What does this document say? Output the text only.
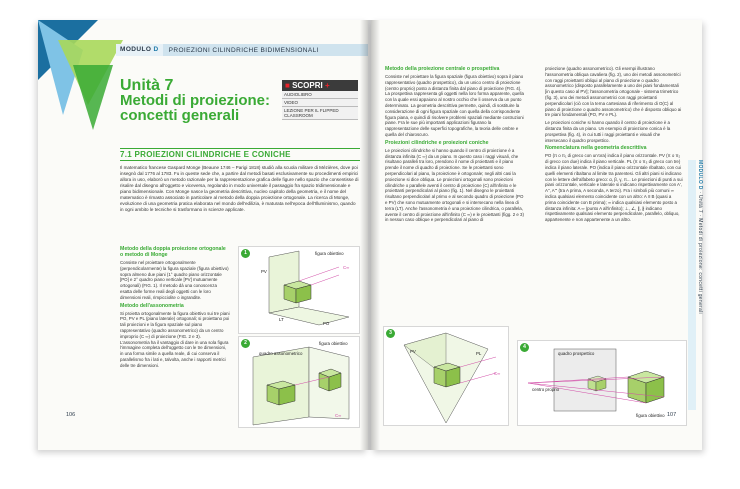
MODULO D	PROIEZIONI CILINDRICHE BIDIMENSIONALI
Unità 7
Metodi di proiezione:
concetti generali
■ SCOPRI +
AUDIOLIBRO
VIDEO
LEZIONE PER IL FLIPPED CLASSROOM
7.1 PROIEZIONI CILINDRICHE E CONICHE
Il matematico francese Gaspard Monge (Beaune 1746 – Parigi 1818) studiò alla scuola militare di Mézières, dove poi insegnò dal 1776 al 1783. Fu in queste sede che, a partire dal metodi basati esclusivamente su procedimenti empirici allora in uso, elaborò un metodo razionale per la rappresentazione grafica delle figure nello spazio che consentisse di risalire dal disegno all'oggetto e viceversa, regolando in modo universale il passaggio fra spazio tridimensionale e piano bidimensionale. Con Monge nasce la geometria descrittiva, nucleo capitolo della geometria, e il nome del matematico è rimasto associato in particolare al metodo della doppia proiezione ortogonale. La ricerca di Monge, evoluzione di una geometria pratica elaborata nel mondo dell'edilizia, è maturata nell'epoca dell'Illuminismo, quando in ogni ambito le tecniche si trasformano in scienze applicate.

Metodo della doppia proiezione ortogonale o metodo di Monge

Consiste nel proiettare ortogonalmente (perpendicolarmente) la figura spaziale (figura obiettivo) sopra almeno due piani (1° quadro piano orizzontale [PO] e 2° quadro piano verticale [PV] mutuamente ortogonali) (FIG. 1). Il metodo dà una conoscenza esatta delle forme reali degli oggetti con le loro dimensioni reali, rimpicciolite o ingrandite.

Metodo dell'assonometria

Si proietta ortogonalmente la figura obiettivo sui tre piani PO, PV e PL (piano laterale) ortogonali; si proiettano poi tali proiezioni e la figura spaziale sul piano rappresentativo (quadro assonometrico) da un centro improprio (C ∞) di proiezione (FIG. 2 e 3). L'assonometria ha il vantaggio di dare in una sola figura l'immagine completa dell'oggetto con le tre dimensioni, in una forma simile a quella reale, di cui conserva il parallelismo fra i lati e, talvolta, anche i rapporti metrici delle tre dimensioni.

1	figura obiettivo
PV
PO
LT
C∞
2
quadro assonometrico
figura obiettivo
C∞
106

Metodo della proiezione centrale o prospettiva

Consiste nel proiettare la figura spaziale (figura obiettivo) sopra il piano rappresentativo (quadro prospettico), da un unico centro di proiezione (centro proprio) posto a distanza finita dal piano di proiezione (FIG. 4). La prospettiva rappresenta gli oggetti nella loro forma apparente, quella con la quale essi appaiono al nostro occhio che li osserva da un punto determinato. La geometria descrittiva permette, quindi, di sostituire la considerazione di ogni figura spaziale con quella della corrispondente figura piana, e quindi di risolvere problemi spaziali mediante costruzioni piane. Fra le sue più importanti applicazioni figurano la rappresentazione delle superfici topografiche, la teoria delle ombre e quella del chiaroscuro.

Proiezioni cilindriche e proiezioni coniche

Le proiezioni cilindriche si hanno quando il centro di proiezione è a distanza infinita (C ∞) da un piano. In questo caso i raggi visuali, che risultano paralleli tra loro, prendono il nome di proiettanti e il piano prende il nome di quadro di proiezione. Se le proiettanti sono perpendicolari al piano, la proiezione è ortogonale; negli altri casi la proiezione si dice obliqua. Le proiezioni ortogonali sono proiezioni cilindriche o parallele aventi il centro di proiezione (C) all'infinito e le proiettanti perpendicolari al piano (fig. 1). Nel disegno le proiettanti risultano perpendicolari al primo e al secondo quadro di proiezione (PO e PV) che sono mutuamente ortogonali e si intersecano nella linea di terra (LT). Anche l'assonometria è una proiezione cilindrica, o parallela, avente il centro di proiezione all'infinito (C ∞) e le proiettanti (figg. 2 e 3) in nessun caso oblique e perpendicolari al piano di

proiezione (quadro assonometrico). Gli esempi illustrano l'assonometria obliqua cavaliera (fig. 2), uno dei metodi assonometrici con raggi proiettanti obliqui al piano di proiezione o quadro assonometrico (disposto parallelamente a uno dei piani fondamentali [in questo caso al PV]; l'assonometria ortogonale - sistema trimetrico (fig. 3), uno dei metodi assonometrici con raggi proiettanti perpendicolari (ciò con la terna cartesiana di riferimento di O(C) al piano di proiezione o quadro assonometrico) che è disposto obliquo ai tre piani fondamentali (PO, PV e PL).

Le proiezioni coniche si hanno quando il centro di proiezione è a distanza finita da un piano. Un esempio di proiezione conica è la prospettiva (fig. 4), in cui tutti i raggi proiettanti e visuali che intersecano il quadro prospettico.

Nomenclatura nella geometria descrittiva

PO (π o π₁ di greco con un'ora) indica il piano orizzontale. PV (π o π₂ di greco con due) indica il piano verticale. PL (π o π₃ di greco con tre) indica il piano laterale. PO (indica il piano orizzontale ribaltato, con cui quelli elementi ribaltano al limite tra parentesi. Gli altri piani si indicano con le lettere dell'alfabeto greco: α, β, γ, π... Le proiezioni di punti a sui piani orizzontale, verticale e laterale si indicano rispettivamente con A', A'', A''' (tra A prima, A seconda, A terzo). Fra i simboli più comuni ∞ indica qualsiasi elemento coincidente con un altro: A ≡ B (quasi a prima coincidente con B prima); ∞ indica qualsiasi elemento posto a distanza infinita: A ∞ (punto A all'infinito); ⊥, ∠, ∥, ∦ indicano rispettivamente qualsiasi elemento perpendicolare, parallelo, obliquo, appartenente e non appartenente a un altro.

3
PV	PL
C∞
4
quadro prospettico
centro proprio
figura obiettivo
MODULO D · Unità 7 · Metodi di proiezione: concetti generali
107
